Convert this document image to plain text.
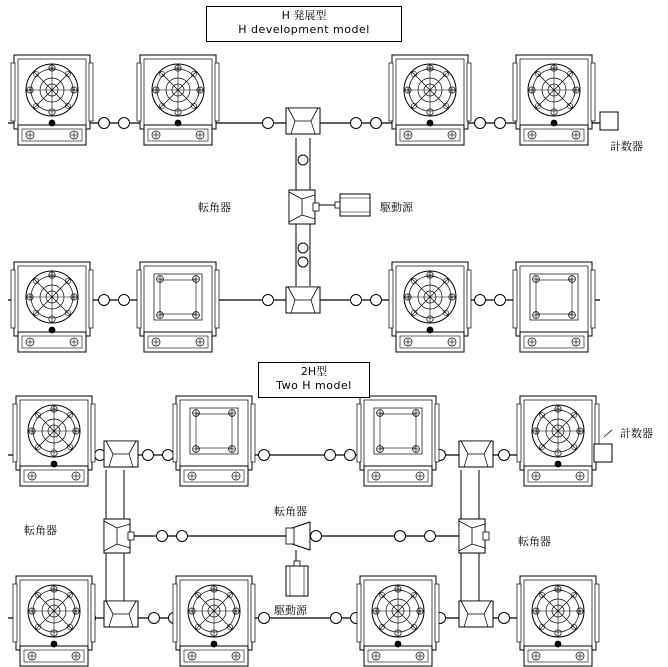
H 発展型
H development model
2H型
Two H model
計数器
転角器	駆動源
計数器
転角器
転角器
転角器
駆動源
